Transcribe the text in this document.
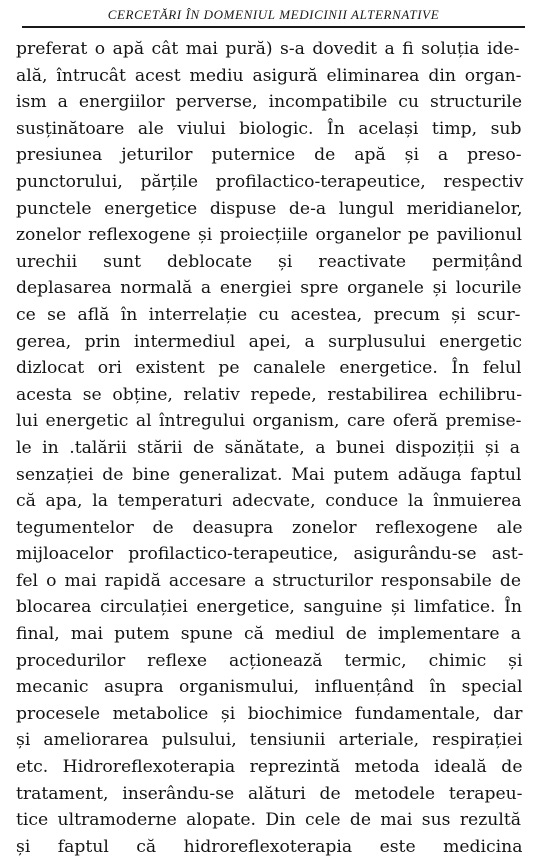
CERCETĂRI ÎN DOMENIUL MEDICINII ALTERNATIVE
preferat o apă cât mai pură) s-a dovedit a fi soluția ide-
ală, întrucât acest mediu asigură eliminarea din organ-
ism a energiilor perverse, incompatibile cu structurile
susținătoare ale viului biologic. În același timp, sub
presiunea jeturilor puternice de apă și a preso-
punctorului, părțile profilactico-terapeutice, respectiv
punctele energetice dispuse de-a lungul meridianelor,
zonelor reflexogene și proiecțiile organelor pe pavilionul
urechii sunt deblocate și reactivate permițând
deplasarea normală a energiei spre organele și locurile
ce se află în interrelație cu acestea, precum și scur-
gerea, prin intermediul apei, a surplusului energetic
dizlocat ori existent pe canalele energetice. În felul
acesta se obține, relativ repede, restabilirea echilibru-
lui energetic al întregului organism, care oferă premise-
le in .talării stării de sănătate, a bunei dispoziții și a
senzației de bine generalizat. Mai putem adăuga faptul
că apa, la temperaturi adecvate, conduce la înmuierea
tegumentelor de deasupra zonelor reflexogene ale
mijloacelor profilactico-terapeutice, asigurându-se ast-
fel o mai rapidă accesare a structurilor responsabile de
blocarea circulației energetice, sanguine și limfatice. În
final, mai putem spune că mediul de implementare a
procedurilor reflexe acționează termic, chimic și
mecanic asupra organismului, influențând în special
procesele metabolice și biochimice fundamentale, dar
și ameliorarea pulsului, tensiunii arteriale, respirației
etc. Hidroreflexoterapia reprezintă metoda ideală de
tratament, inserându-se alături de metodele terapeu-
tice ultramoderne alopate. Din cele de mai sus rezultă
și faptul că hidroreflexoterapia este medicina
